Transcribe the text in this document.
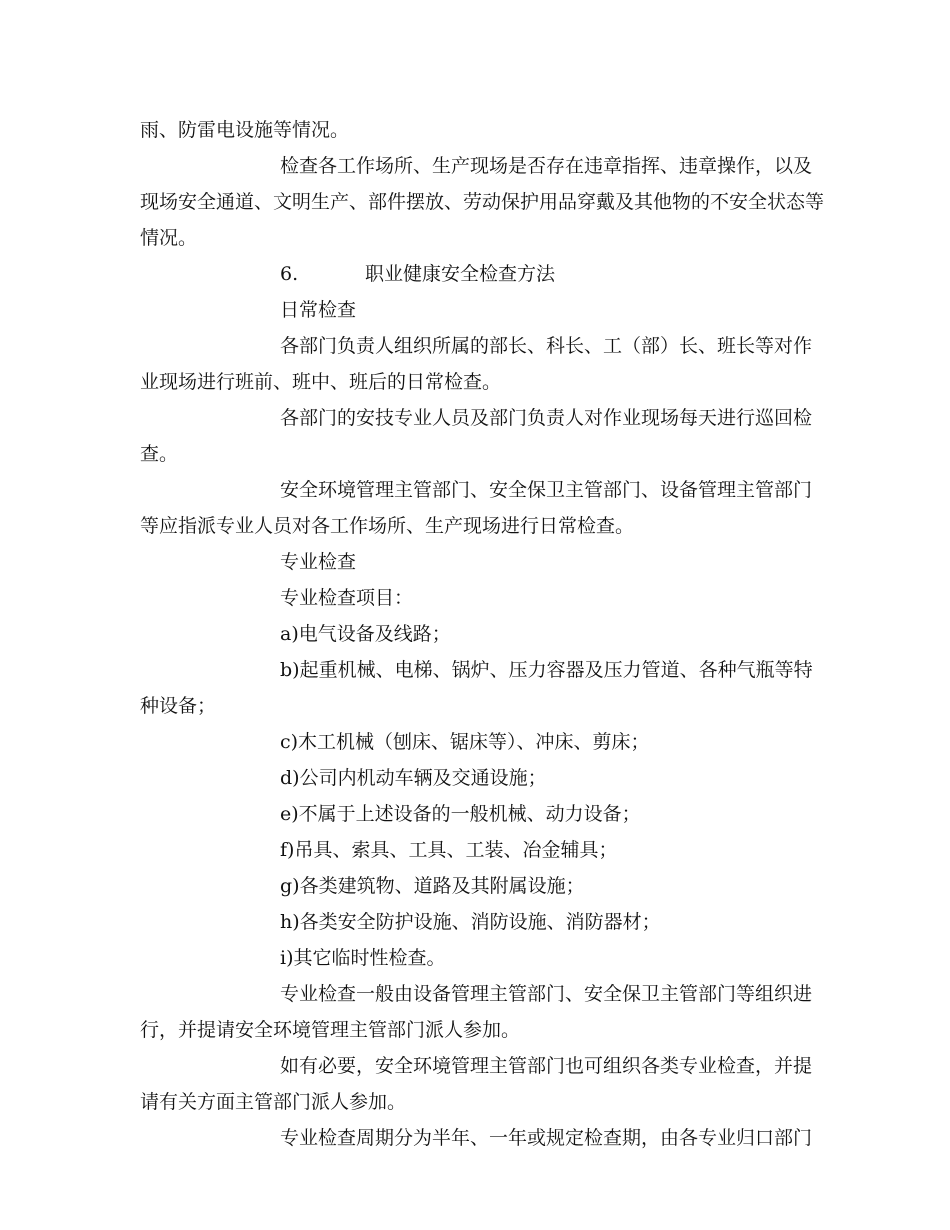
雨、防雷电设施等情况。
检查各工作场所、生产现场是否存在违章指挥、违章操作，以及
现场安全通道、文明生产、部件摆放、劳动保护用品穿戴及其他物的不安全状态等
情况。
6.	职业健康安全检查方法
日常检查
各部门负责人组织所属的部长、科长、工（部）长、班长等对作
业现场进行班前、班中、班后的日常检查。
各部门的安技专业人员及部门负责人对作业现场每天进行巡回检
查。
安全环境管理主管部门、安全保卫主管部门、设备管理主管部门
等应指派专业人员对各工作场所、生产现场进行日常检查。
专业检查
专业检查项目：
a)电气设备及线路；
b)起重机械、电梯、锅炉、压力容器及压力管道、各种气瓶等特
种设备；
c)木工机械（刨床、锯床等）、冲床、剪床；
d)公司内机动车辆及交通设施；
e)不属于上述设备的一般机械、动力设备；
f)吊具、索具、工具、工装、冶金辅具；
g)各类建筑物、道路及其附属设施；
h)各类安全防护设施、消防设施、消防器材；
i)其它临时性检查。
专业检查一般由设备管理主管部门、安全保卫主管部门等组织进
行，并提请安全环境管理主管部门派人参加。
如有必要，安全环境管理主管部门也可组织各类专业检查，并提
请有关方面主管部门派人参加。
专业检查周期分为半年、一年或规定检查期，由各专业归口部门
